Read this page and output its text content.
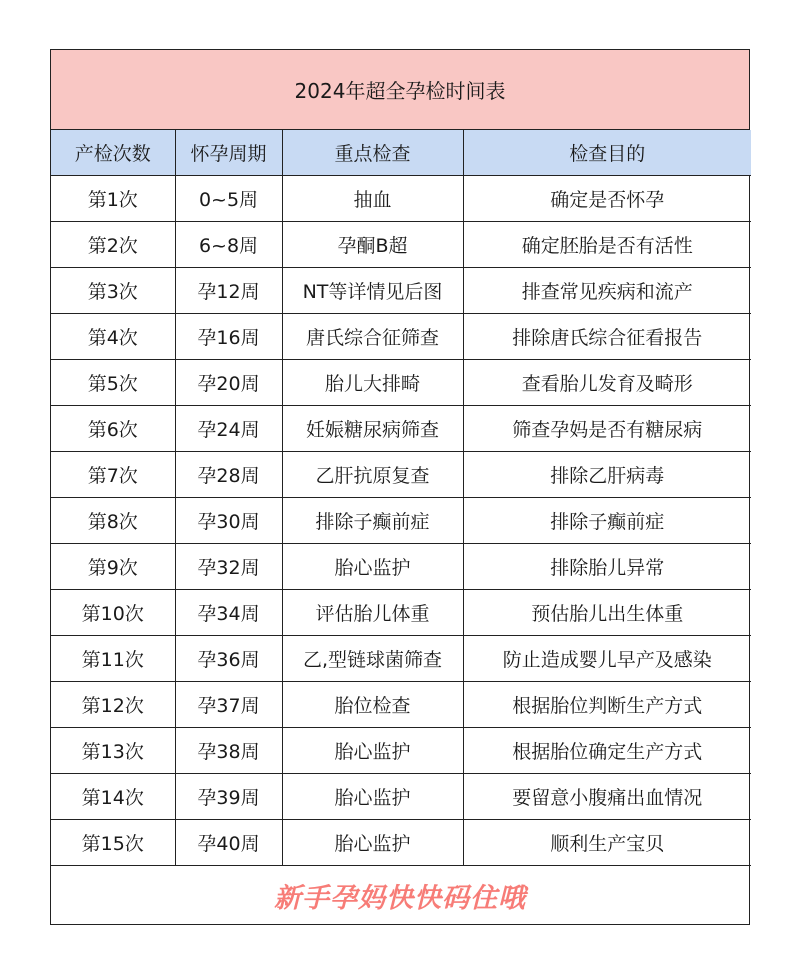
2024年超全孕检时间表
产检次数	怀孕周期	重点检查	检查目的
第1次	0~5周	抽血	确定是否怀孕
第2次	6~8周	孕酮B超	确定胚胎是否有活性
第3次	孕12周	NT等详情见后图	排查常见疾病和流产
第4次	孕16周	唐氏综合征筛查	排除唐氏综合征看报告
第5次	孕20周	胎儿大排畸	查看胎儿发育及畸形
第6次	孕24周	妊娠糖尿病筛查	筛查孕妈是否有糖尿病
第7次	孕28周	乙肝抗原复查	排除乙肝病毒
第8次	孕30周	排除子癫前症	排除子癫前症
第9次	孕32周	胎心监护	排除胎儿异常
第10次	孕34周	评估胎儿体重	预估胎儿出生体重
第11次	孕36周	乙,型链球菌筛查	防止造成婴儿早产及感染
第12次	孕37周	胎位检查	根据胎位判断生产方式
第13次	孕38周	胎心监护	根据胎位确定生产方式
第14次	孕39周	胎心监护	要留意小腹痛出血情况
第15次	孕40周	胎心监护	顺利生产宝贝
新手孕妈快快码住哦
